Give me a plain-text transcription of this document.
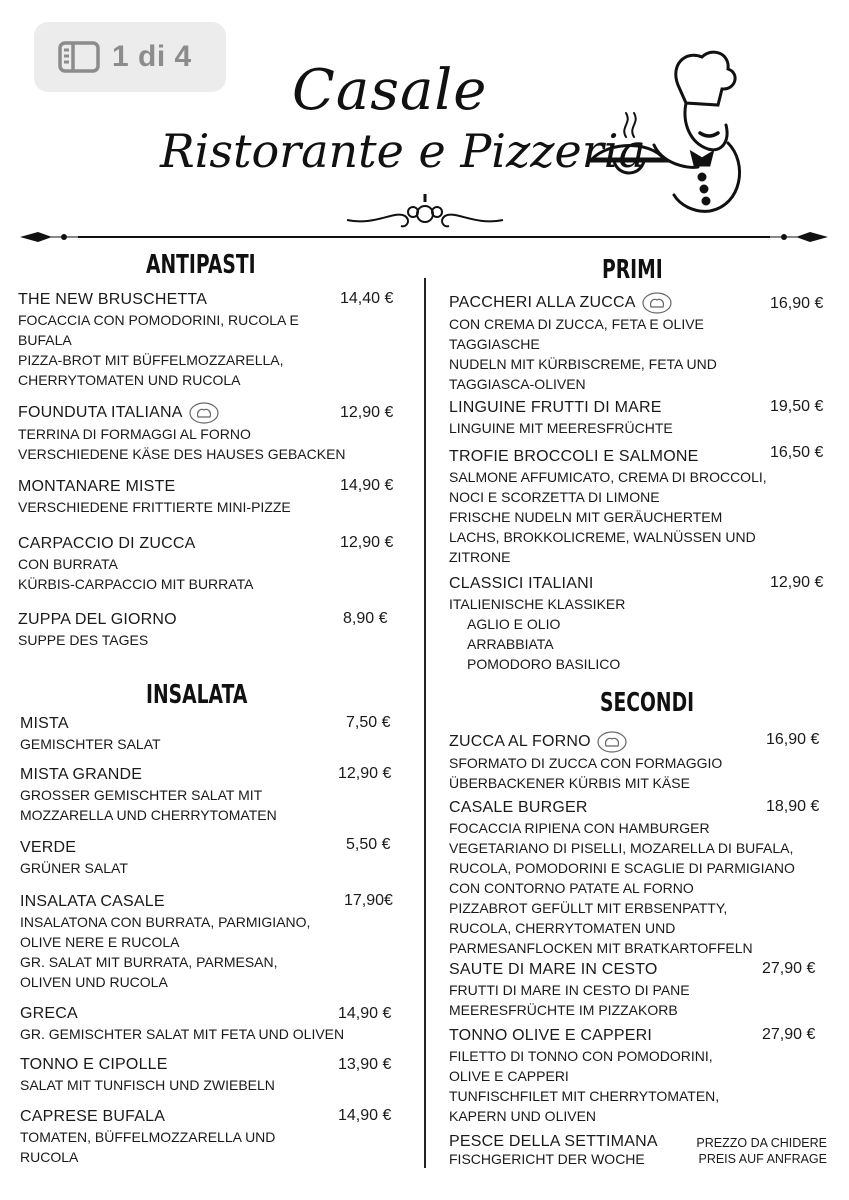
1 di 4
Casale
Ristorante e Pizzeria
ANTIPASTI
THE NEW BRUSCHETTA
FOCACCIA CON POMODORINI, RUCOLA E
BUFALA
PIZZA-BROT MIT BÜFFELMOZZARELLA,
CHERRYTOMATEN UND RUCOLA
14,40 €
FOUNDUTA ITALIANA
TERRINA DI FORMAGGI AL FORNO
VERSCHIEDENE KÄSE DES HAUSES GEBACKEN
12,90 €
MONTANARE MISTE
VERSCHIEDENE FRITTIERTE MINI-PIZZE
14,90 €
CARPACCIO DI ZUCCA
CON BURRATA
KÜRBIS-CARPACCIO MIT BURRATA
12,90 €
ZUPPA DEL GIORNO
SUPPE DES TAGES
8,90 €
INSALATA
MISTA
GEMISCHTER SALAT
7,50 €
MISTA GRANDE
GROSSER GEMISCHTER SALAT MIT
MOZZARELLA UND CHERRYTOMATEN
12,90 €
VERDE
GRÜNER SALAT
5,50 €
INSALATA CASALE
INSALATONA CON BURRATA, PARMIGIANO,
OLIVE NERE E RUCOLA
GR. SALAT MIT BURRATA, PARMESAN,
OLIVEN UND RUCOLA
17,90€
GRECA
GR. GEMISCHTER SALAT MIT FETA UND OLIVEN
14,90 €
TONNO E CIPOLLE
SALAT MIT TUNFISCH UND ZWIEBELN
13,90 €
CAPRESE BUFALA
TOMATEN, BÜFFELMOZZARELLA UND
RUCOLA
14,90 €
PRIMI
PACCHERI ALLA ZUCCA
CON CREMA DI ZUCCA, FETA E OLIVE
TAGGIASCHE
NUDELN MIT KÜRBISCREME, FETA UND
TAGGIASCA-OLIVEN
16,90 €
LINGUINE FRUTTI DI MARE
LINGUINE MIT MEERESFRÜCHTE
19,50 €
TROFIE BROCCOLI E SALMONE
SALMONE AFFUMICATO, CREMA DI BROCCOLI,
NOCI E SCORZETTA DI LIMONE
FRISCHE NUDELN MIT GERÄUCHERTEM
LACHS, BROKKOLICREME, WALNÜSSEN UND
ZITRONE
16,50 €
CLASSICI ITALIANI
ITALIENISCHE KLASSIKER
AGLIO E OLIO
ARRABBIATA
POMODORO BASILICO
12,90 €
SECONDI
ZUCCA AL FORNO
SFORMATO DI ZUCCA CON FORMAGGIO
ÜBERBACKENER KÜRBIS MIT KÄSE
16,90 €
CASALE BURGER
FOCACCIA RIPIENA CON HAMBURGER
VEGETARIANO DI PISELLI, MOZARELLA DI BUFALA,
RUCOLA, POMODORINI E SCAGLIE DI PARMIGIANO
CON CONTORNO PATATE AL FORNO
PIZZABROT GEFÜLLT MIT ERBSENPATTY,
RUCOLA, CHERRYTOMATEN UND
PARMESANFLOCKEN MIT BRATKARTOFFELN
18,90 €
SAUTE DI MARE IN CESTO
FRUTTI DI MARE IN CESTO DI PANE
MEERESFRÜCHTE IM PIZZAKORB
27,90 €
TONNO OLIVE E CAPPERI
FILETTO DI TONNO CON POMODORINI,
OLIVE E CAPPERI
TUNFISCHFILET MIT CHERRYTOMATEN,
KAPERN UND OLIVEN
27,90 €
PESCE DELLA SETTIMANA
FISCHGERICHT DER WOCHE
PREZZO DA CHIDERE
PREIS AUF ANFRAGE
